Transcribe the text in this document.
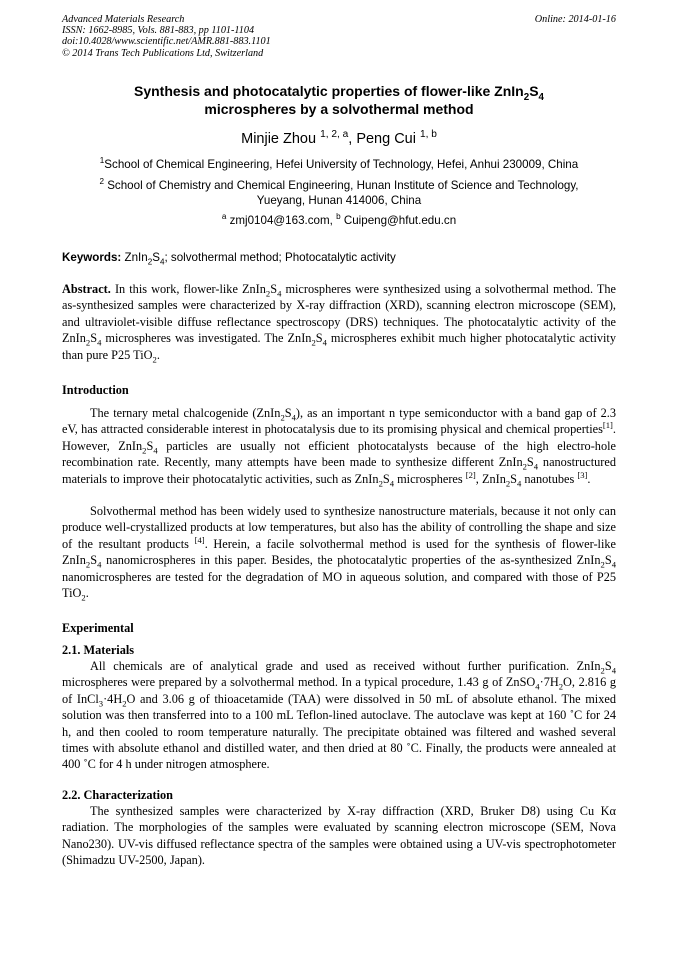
Advanced Materials Research
ISSN: 1662-8985, Vols. 881-883, pp 1101-1104
doi:10.4028/www.scientific.net/AMR.881-883.1101
© 2014 Trans Tech Publications Ltd, Switzerland
Online: 2014-01-16
Synthesis and photocatalytic properties of flower-like $ZnIn_2S_4$
microspheres by a solvothermal method
Minjie Zhou $^{1, 2, a}$, Peng Cui $^{1, b}$
$^1$School of Chemical Engineering, Hefei University of Technology, Hefei, Anhui 230009, China
$^2$ School of Chemistry and Chemical Engineering, Hunan Institute of Science and Technology, Yueyang, Hunan 414006, China
$^a$ zmj0104@163.com, $^b$ Cuipeng@hfut.edu.cn
Keywords: $ZnIn_2S_4$; solvothermal method; Photocatalytic activity
Abstract. In this work, flower-like $ZnIn_2S_4$ microspheres were synthesized using a solvothermal method. The as-synthesized samples were characterized by X-ray diffraction (XRD), scanning electron microscope (SEM), and ultraviolet-visible diffuse reflectance spectroscopy (DRS) techniques. The photocatalytic activity of the $ZnIn_2S_4$ microspheres was investigated. The $ZnIn_2S_4$ microspheres exhibit much higher photocatalytic activity than pure P25 TiO$_2$.
Introduction
The ternary metal chalcogenide $(ZnIn_2S_4)$, as an important n type semiconductor with a band gap of 2.3 eV, has attracted considerable interest in photocatalysis due to its promising physical and chemical properties[1]. However, $ZnIn_2S_4$ particles are usually not efficient photocatalysts because of the high electro-hole recombination rate. Recently, many attempts have been made to synthesize different $ZnIn_2S_4$ nanostructured materials to improve their photocatalytic activities, such as $ZnIn_2S_4$ microspheres [2], $ZnIn_2S_4$ nanotubes [3].
Solvothermal method has been widely used to synthesize nanostructure materials, because it not only can produce well-crystallized products at low temperatures, but also has the ability of controlling the shape and size of the resultant products [4]. Herein, a facile solvothermal method is used for the synthesis of flower-like $ZnIn_2S_4$ nanomicrospheres in this paper. Besides, the photocatalytic properties of the as-synthesized $ZnIn_2S_4$ nanomicrospheres are tested for the degradation of MO in aqueous solution, and compared with those of P25 TiO$_2$.
Experimental
2.1. Materials
All chemicals are of analytical grade and used as received without further purification. $ZnIn_2S_4$ microspheres were prepared by a solvothermal method. In a typical procedure, 1.43 g of $ZnSO_4\cdot 7H_2O$, 2.816 g of $InCl_3\cdot 4H_2O$ and 3.06 g of thioacetamide (TAA) were dissolved in 50 mL of absolute ethanol. The mixed solution was then transferred into to a 100 mL Teflon-lined autoclave. The autoclave was kept at 160 ˚C for 24 h, and then cooled to room temperature naturally. The precipitate obtained was filtered and washed several times with absolute ethanol and distilled water, and then dried at 80 ˚C. Finally, the products were annealed at 400 ˚C for 4 h under nitrogen atmosphere.
2.2. Characterization
The synthesized samples were characterized by X-ray diffraction (XRD, Bruker D8) using Cu Kα radiation. The morphologies of the samples were evaluated by scanning electron microscope (SEM, Nova Nano230). UV-vis diffused reflectance spectra of the samples were obtained using a UV-vis spectrophotometer (Shimadzu UV-2500, Japan).
